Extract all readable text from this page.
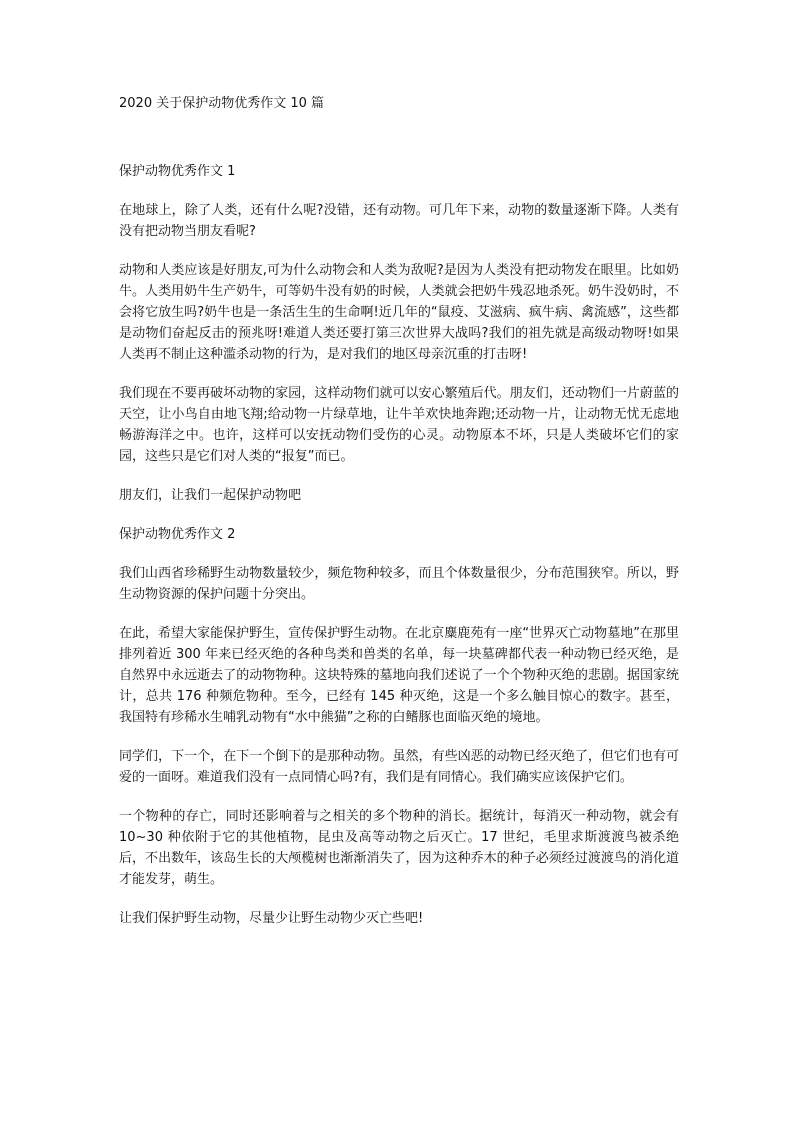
2020 关于保护动物优秀作文 10 篇
保护动物优秀作文 1

在地球上，除了人类，还有什么呢?没错，还有动物。可几年下来，动物的数量逐渐下降。人类有没有把动物当朋友看呢?

动物和人类应该是好朋友,可为什么动物会和人类为敌呢?是因为人类没有把动物发在眼里。比如奶牛。人类用奶牛生产奶牛，可等奶牛没有奶的时候，人类就会把奶牛残忍地杀死。奶牛没奶时，不会将它放生吗?奶牛也是一条活生生的生命啊!近几年的“鼠疫、艾滋病、疯牛病、禽流感”，这些都是动物们奋起反击的预兆呀!难道人类还要打第三次世界大战吗?我们的祖先就是高级动物呀!如果人类再不制止这种滥杀动物的行为，是对我们的地区母亲沉重的打击呀!

我们现在不要再破坏动物的家园，这样动物们就可以安心繁殖后代。朋友们，还动物们一片蔚蓝的天空，让小鸟自由地飞翔;给动物一片绿草地，让牛羊欢快地奔跑;还动物一片，让动物无忧无虑地畅游海洋之中。也许，这样可以安抚动物们受伤的心灵。动物原本不坏，只是人类破坏它们的家园，这些只是它们对人类的“报复”而已。

朋友们，让我们一起保护动物吧

保护动物优秀作文 2

我们山西省珍稀野生动物数量较少，频危物种较多，而且个体数量很少，分布范围狭窄。所以，野生动物资源的保护问题十分突出。

在此，希望大家能保护野生，宣传保护野生动物。在北京麋鹿苑有一座“世界灭亡动物墓地”在那里排列着近 300 年来已经灭绝的各种鸟类和兽类的名单，每一块墓碑都代表一种动物已经灭绝，是自然界中永远逝去了的动物物种。这块特殊的墓地向我们述说了一个个物种灭绝的悲剧。据国家统计，总共 176 种频危物种。至今，已经有 145 种灭绝，这是一个多么触目惊心的数字。甚至，我国特有珍稀水生哺乳动物有“水中熊猫”之称的白鳍豚也面临灭绝的境地。

同学们，下一个，在下一个倒下的是那种动物。虽然，有些凶恶的动物已经灭绝了，但它们也有可爱的一面呀。难道我们没有一点同情心吗?有，我们是有同情心。我们确实应该保护它们。

一个物种的存亡，同时还影响着与之相关的多个物种的消长。据统计，每消灭一种动物，就会有 10~30 种依附于它的其他植物，昆虫及高等动物之后灭亡。17 世纪，毛里求斯渡渡鸟被杀绝后，不出数年，该岛生长的大颅榄树也渐渐消失了，因为这种乔木的种子必须经过渡渡鸟的消化道才能发芽，萌生。

让我们保护野生动物，尽量少让野生动物少灭亡些吧!
